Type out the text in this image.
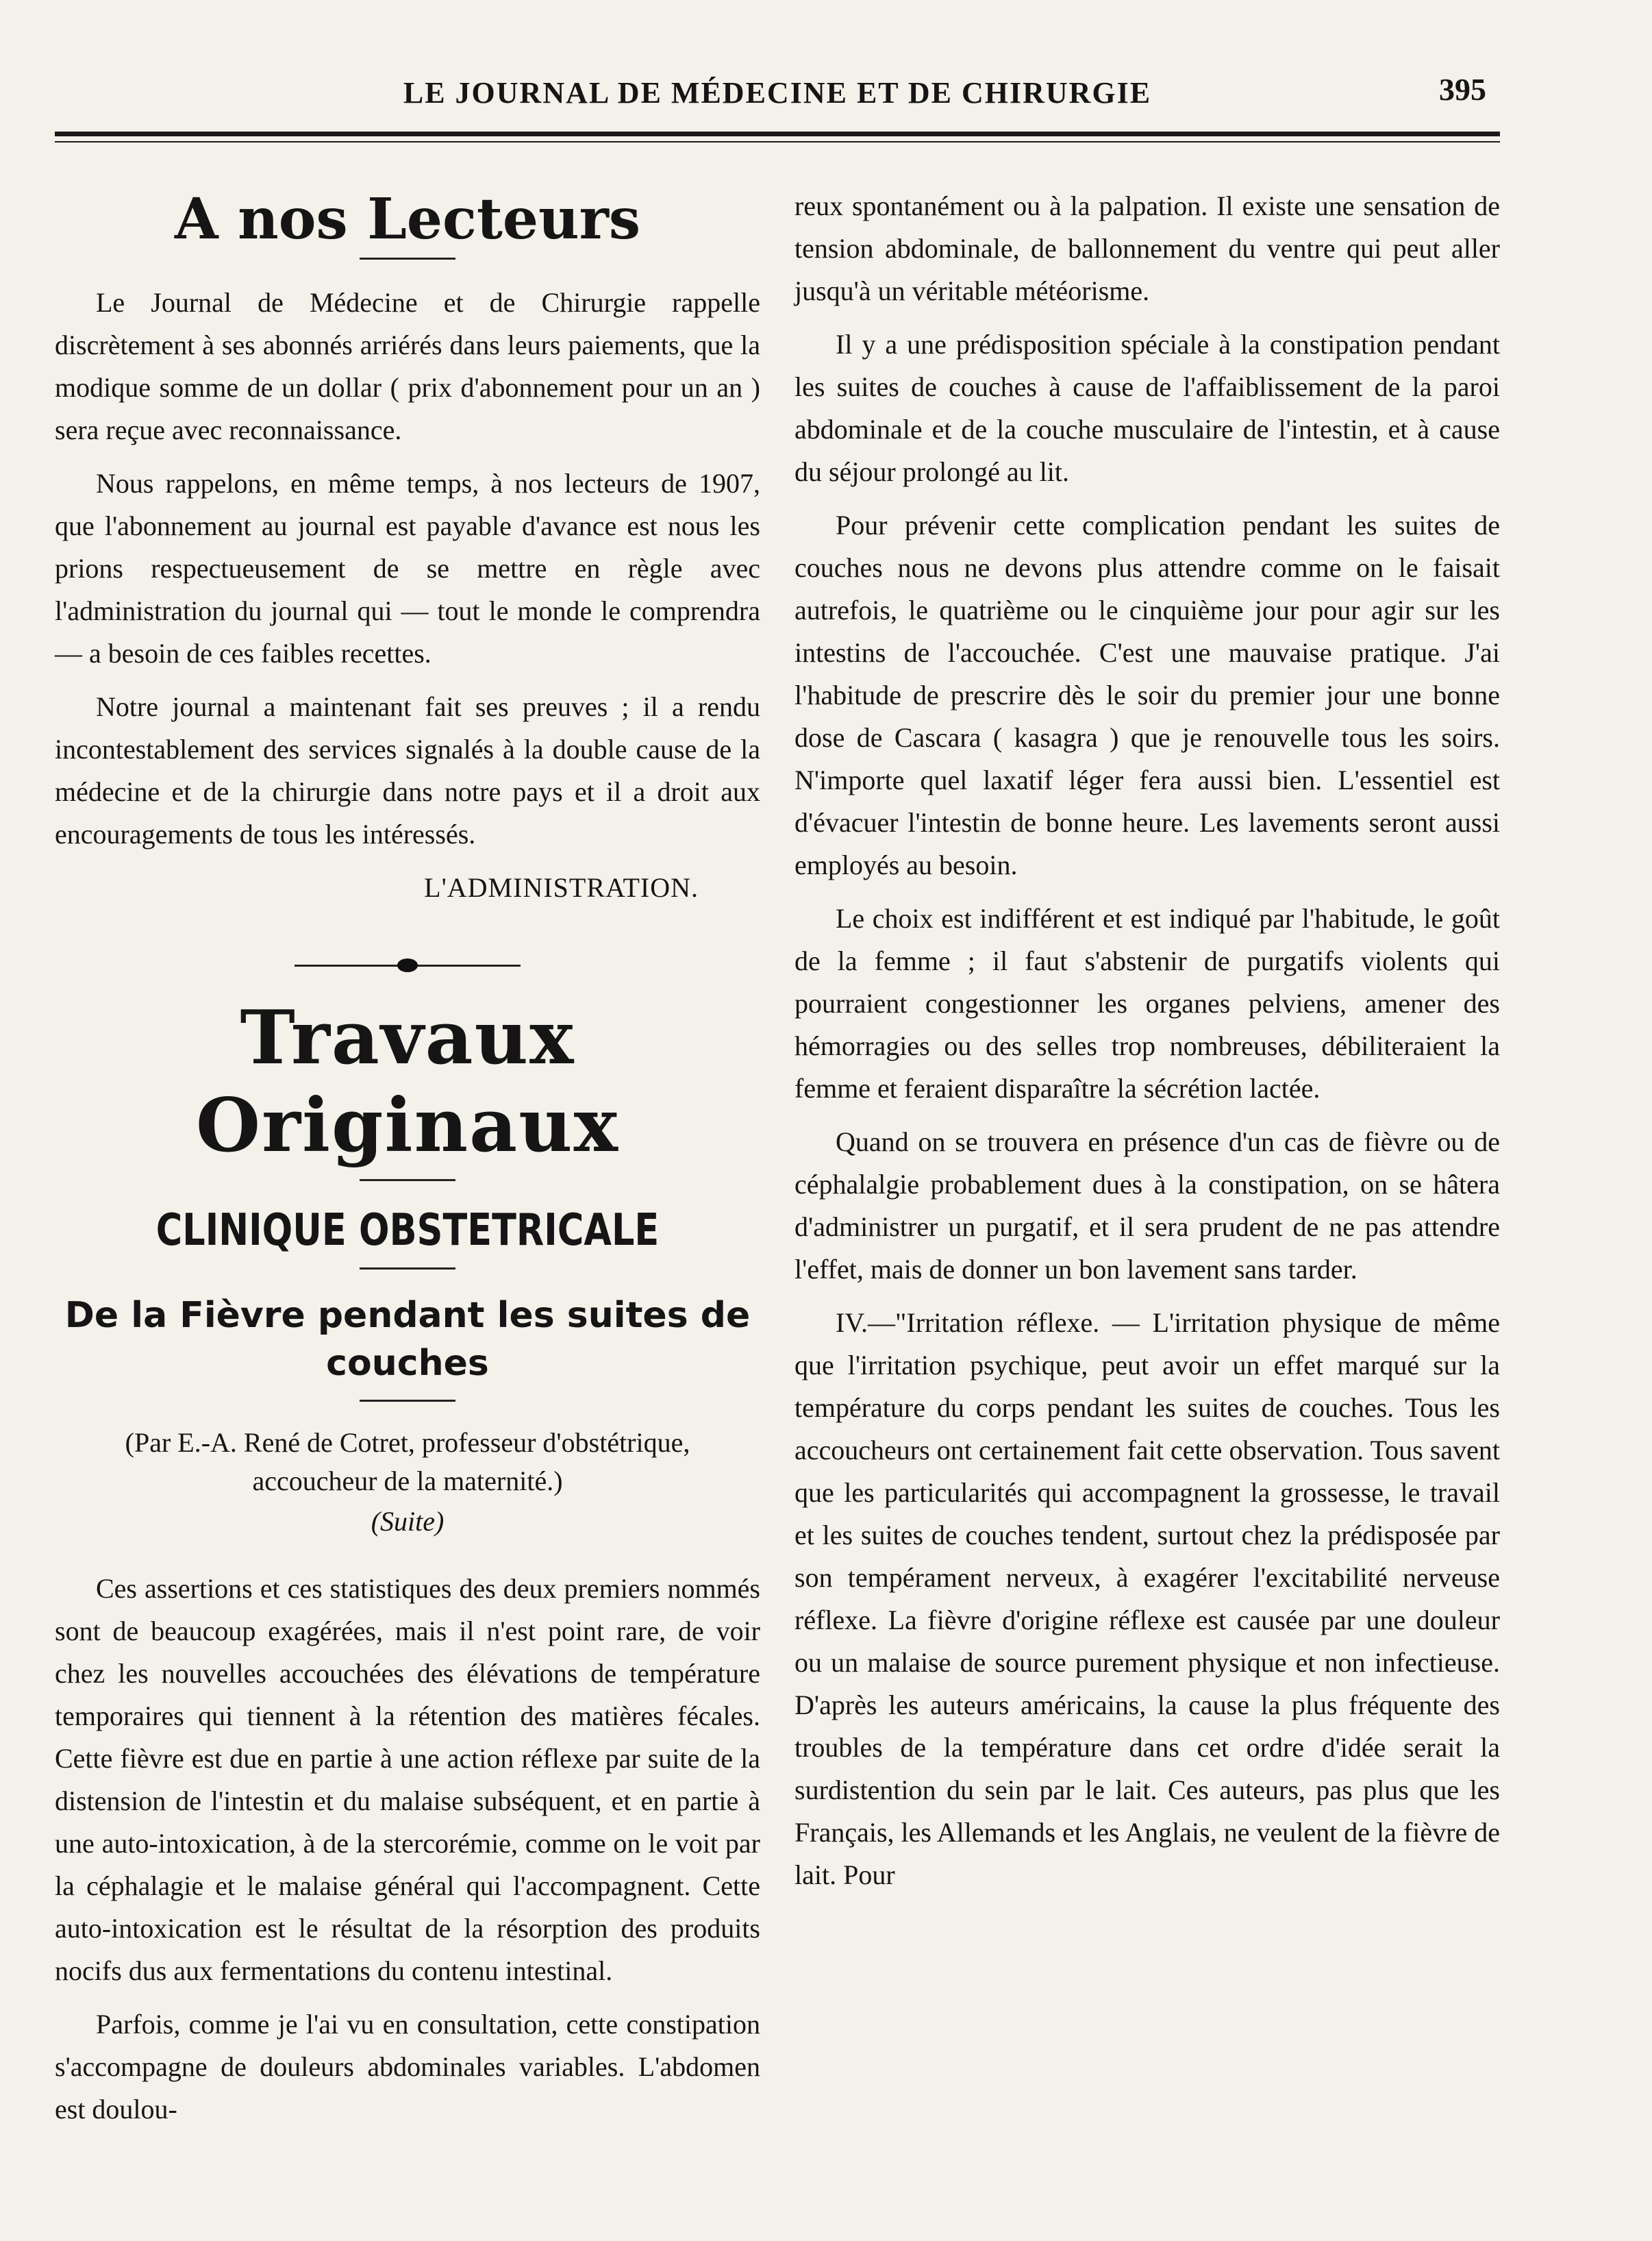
LE JOURNAL DE MÉDECINE ET DE CHIRURGIE	395
A nos Lecteurs

Le Journal de Médecine et de Chirurgie rappelle discrètement à ses abonnés arriérés dans leurs paiements, que la modique somme de un dollar ( prix d'abonnement pour un an ) sera reçue avec reconnaissance.

Nous rappelons, en même temps, à nos lecteurs de 1907, que l'abonnement au journal est payable d'avance est nous les prions respectueusement de se mettre en règle avec l'administration du journal qui — tout le monde le comprendra — a besoin de ces faibles recettes.

Notre journal a maintenant fait ses preuves ; il a rendu incontestablement des services signalés à la double cause de la médecine et de la chirurgie dans notre pays et il a droit aux encouragements de tous les intéressés.

L'ADMINISTRATION.

Travaux Originaux
CLINIQUE OBSTETRICALE
De la Fièvre pendant les suites de couches

(Par E.-A. René de Cotret, professeur d'obstétrique,

accoucheur de la maternité.)

(Suite)

Ces assertions et ces statistiques des deux premiers nommés sont de beaucoup exagérées, mais il n'est point rare, de voir chez les nouvelles accouchées des élévations de température temporaires qui tiennent à la rétention des matières fécales. Cette fièvre est due en partie à une action réflexe par suite de la distension de l'intestin et du malaise subséquent, et en partie à une auto-intoxication, à de la stercorémie, comme on le voit par la céphalagie et le malaise général qui l'accompagnent. Cette auto-intoxication est le résultat de la résorption des produits nocifs dus aux fermentations du contenu intestinal.

Parfois, comme je l'ai vu en consultation, cette constipation s'accompagne de douleurs abdominales variables. L'abdomen est doulou-

reux spontanément ou à la palpation. Il existe une sensation de tension abdominale, de ballonnement du ventre qui peut aller jusqu'à un véritable météorisme.

Il y a une prédisposition spéciale à la constipation pendant les suites de couches à cause de l'affaiblissement de la paroi abdominale et de la couche musculaire de l'intestin, et à cause du séjour prolongé au lit.

Pour prévenir cette complication pendant les suites de couches nous ne devons plus attendre comme on le faisait autrefois, le quatrième ou le cinquième jour pour agir sur les intestins de l'accouchée. C'est une mauvaise pratique. J'ai l'habitude de prescrire dès le soir du premier jour une bonne dose de Cascara ( kasagra ) que je renouvelle tous les soirs. N'importe quel laxatif léger fera aussi bien. L'essentiel est d'évacuer l'intestin de bonne heure. Les lavements seront aussi employés au besoin.

Le choix est indifférent et est indiqué par l'habitude, le goût de la femme ; il faut s'abstenir de purgatifs violents qui pourraient congestionner les organes pelviens, amener des hémorragies ou des selles trop nombreuses, débiliteraient la femme et feraient disparaître la sécrétion lactée.

Quand on se trouvera en présence d'un cas de fièvre ou de céphalalgie probablement dues à la constipation, on se hâtera d'administrer un purgatif, et il sera prudent de ne pas attendre l'effet, mais de donner un bon lavement sans tarder.

IV.—"Irritation réflexe. — L'irritation physique de même que l'irritation psychique, peut avoir un effet marqué sur la température du corps pendant les suites de couches. Tous les accoucheurs ont certainement fait cette observation. Tous savent que les particularités qui accompagnent la grossesse, le travail et les suites de couches tendent, surtout chez la prédisposée par son tempérament nerveux, à exagérer l'excitabilité nerveuse réflexe. La fièvre d'origine réflexe est causée par une douleur ou un malaise de source purement physique et non infectieuse. D'après les auteurs américains, la cause la plus fréquente des troubles de la température dans cet ordre d'idée serait la surdistention du sein par le lait. Ces auteurs, pas plus que les Français, les Allemands et les Anglais, ne veulent de la fièvre de lait. Pour
